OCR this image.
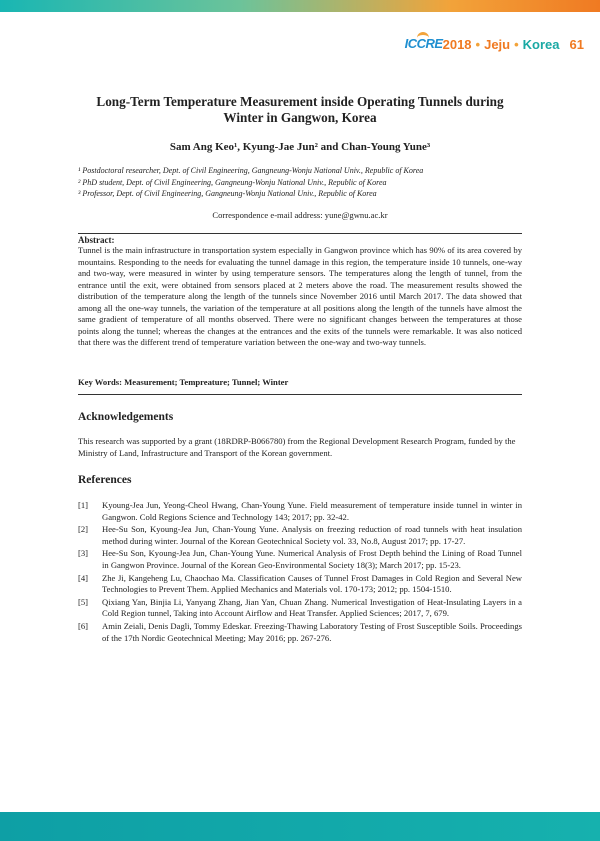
ICCRE 2018 • Jeju • Korea 61
Long-Term Temperature Measurement inside Operating Tunnels during Winter in Gangwon, Korea
Sam Ang Keo¹, Kyung-Jae Jun² and Chan-Young Yune³
¹ Postdoctoral researcher, Dept. of Civil Engineering, Gangneung-Wonju National Univ., Republic of Korea
² PhD student, Dept. of Civil Engineering, Gangneung-Wonju National Univ., Republic of Korea
³ Professor, Dept. of Civil Engineering, Gangneung-Wonju National Univ., Republic of Korea
Correspondence e-mail address: yune@gwnu.ac.kr
Abstract:
Tunnel is the main infrastructure in transportation system especially in Gangwon province which has 90% of its area covered by mountains. Responding to the needs for evaluating the tunnel damage in this region, the temperature inside 10 tunnels, one-way and two-way, were measured in winter by using temperature sensors. The temperatures along the length of tunnel, from the entrance until the exit, were obtained from sensors placed at 2 meters above the road. The measurement results showed the distribution of the temperature along the length of the tunnels since November 2016 until March 2017. The data showed that among all the one-way tunnels, the variation of the temperature at all positions along the length of the tunnels have almost the same gradient of temperature of all months observed. There were no significant changes between the temperatures at those points along the tunnel; whereas the changes at the entrances and the exits of the tunnels were remarkable. It was also noticed that there was the different trend of temperature variation between the one-way and two-way tunnels.
Key Words: Measurement; Tempreature; Tunnel; Winter
Acknowledgements
This research was supported by a grant (18RDRP-B066780) from the Regional Development Research Program, funded by the Ministry of Land, Infrastructure and Transport of the Korean government.
References
[1]	Kyoung-Jea Jun, Yeong-Cheol Hwang, Chan-Young Yune. Field measurement of temperature inside tunnel in winter in Gangwon. Cold Regions Science and Technology 143; 2017; pp. 32-42.
[2]	Hee-Su Son, Kyoung-Jea Jun, Chan-Young Yune. Analysis on freezing reduction of road tunnels with heat insulation method during winter. Journal of the Korean Geotechnical Society vol. 33, No.8, August 2017; pp. 17-27.
[3]	Hee-Su Son, Kyoung-Jea Jun, Chan-Young Yune. Numerical Analysis of Frost Depth behind the Lining of Road Tunnel in Gangwon Province. Journal of the Korean Geo-Environmental Society 18(3); March 2017; pp. 15-23.
[4]	Zhe Ji, Kangeheng Lu, Chaochao Ma. Classification Causes of Tunnel Frost Damages in Cold Region and Several New Technologies to Prevent Them. Applied Mechanics and Materials vol. 170-173; 2012; pp. 1504-1510.
[5]	Qixiang Yan, Binjia Li, Yanyang Zhang, Jian Yan, Chuan Zhang. Numerical Investigation of Heat-Insulating Layers in a Cold Region tunnel, Taking into Account Airflow and Heat Transfer. Applied Sciences; 2017, 7, 679.
[6]	Amin Zeiali, Denis Dagli, Tommy Edeskar. Freezing-Thawing Laboratory Testing of Frost Susceptible Soils. Proceedings of the 17th Nordic Geotechnical Meeting; May 2016; pp. 267-276.
